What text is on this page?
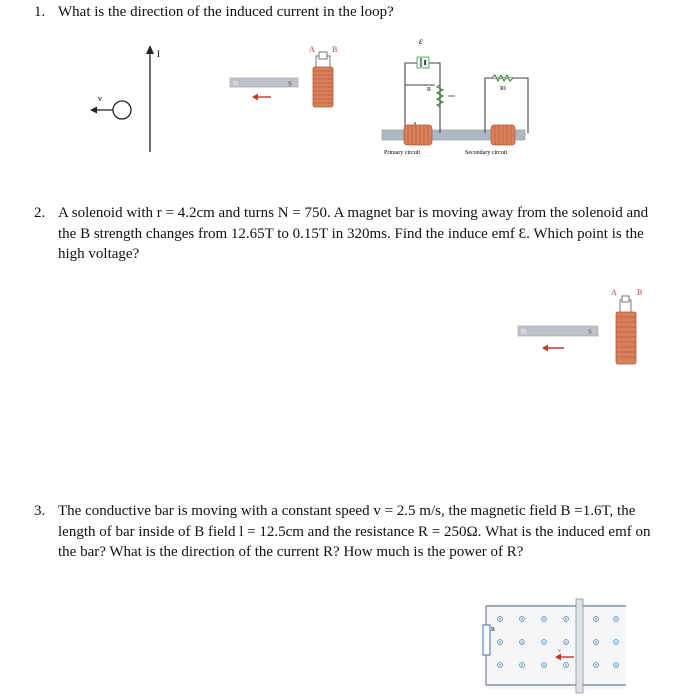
1. What is the direction of the induced current in the loop?
I
v
N	S
A B
ε
R	RI
Primary circuit	Secondary circuit
2. A solenoid with r = 4.2cm and turns N = 750. A magnet bar is moving away from the solenoid and the B strength changes from 12.65T to 0.15T in 320ms. Find the induce emf Ɛ. Which point is the high voltage?
N	S
A	B
3. The conductive bar is moving with a constant speed v = 2.5 m/s, the magnetic field B =1.6T, the length of bar inside of B field l = 12.5cm and the resistance R = 250Ω. What is the induced emf on the bar? What is the direction of the current R? How much is the power of R?
R
v
